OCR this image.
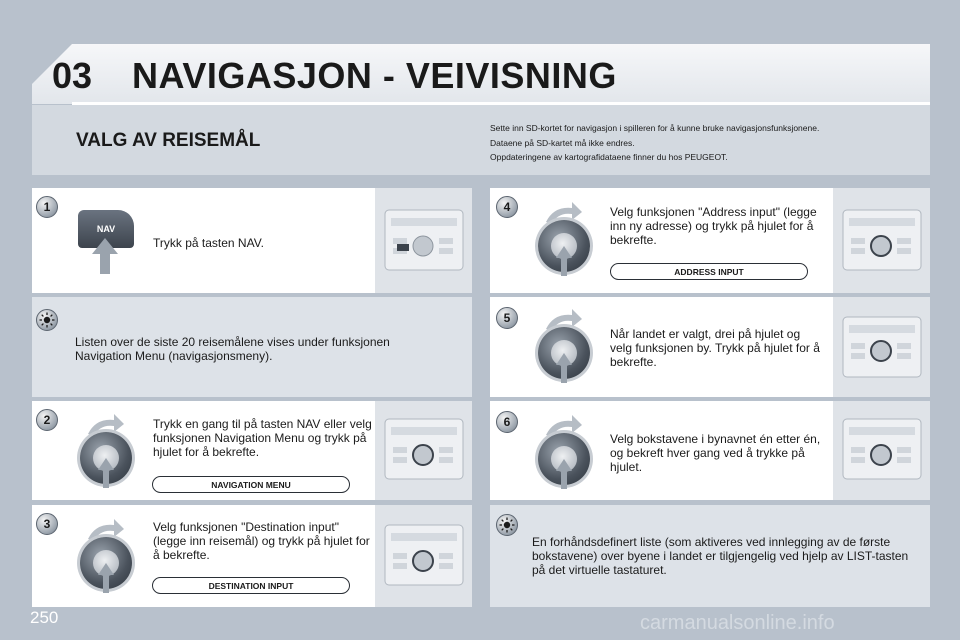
03 NAVIGASJON - VEIVISNING
VALG AV REISEMÅL
Sette inn SD-kortet for navigasjon i spilleren for å kunne bruke navigasjonsfunksjonene.
Dataene på SD-kartet må ikke endres.
Oppdateringene av kartografidataene finner du hos PEUGEOT.
1
NAV
Trykk på tasten NAV.
Listen over de siste 20 reisemålene vises under funksjonen Navigation Menu (navigasjonsmeny).
2	Trykk en gang til på tasten NAV eller velg funksjonen Navigation Menu og trykk på hjulet for å bekrefte.
NAVIGATION MENU
3	Velg funksjonen "Destination input" (legge inn reisemål) og trykk på hjulet for å bekrefte.
DESTINATION INPUT
4	Velg funksjonen "Address input" (legge inn ny adresse) og trykk på hjulet for å bekrefte.
ADDRESS INPUT
5
Når landet er valgt, drei på hjulet og velg funksjonen by. Trykk på hjulet for å bekrefte.
6
Velg bokstavene i bynavnet én etter én, og bekreft hver gang ved å trykke på hjulet.
En forhåndsdefinert liste (som aktiveres ved innlegging av de første bokstavene) over byene i landet er tilgjengelig ved hjelp av LIST-tasten på det virtuelle tastaturet.
250	carmanualsonline.info
